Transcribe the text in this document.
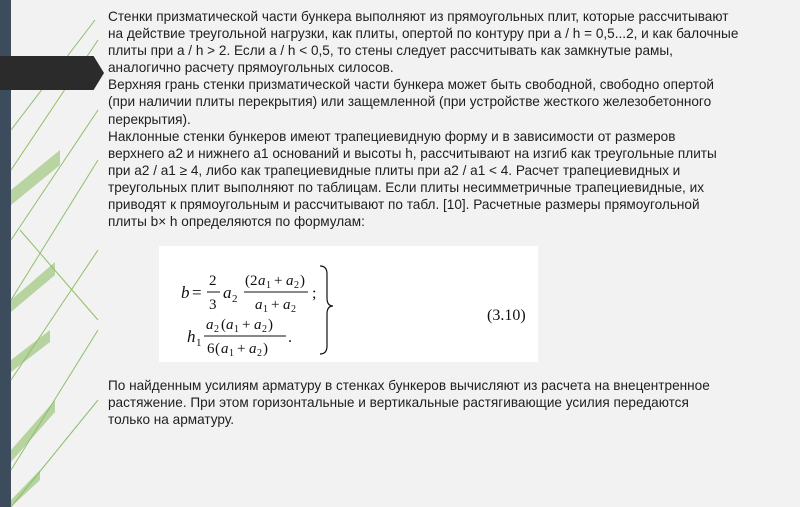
Стенки призматической части бункера выполняют из прямоугольных плит, которые рассчитывают

на действие треугольной нагрузки, как плиты, опертой по контуру при a / h = 0,5...2, и как балочные

плиты при a / h > 2. Если a / h < 0,5, то стены следует рассчитывать как замкнутые рамы,

аналогично расчету прямоугольных силосов.

Верхняя грань стенки призматической части бункера может быть свободной, свободно опертой

(при наличии плиты перекрытия) или защемленной (при устройстве жесткого железобетонного

перекрытия).

Наклонные стенки бункеров имеют трапециевидную форму и в зависимости от размеров

верхнего a2 и нижнего a1 оснований и высоты h, рассчитывают на изгиб как треугольные плиты

при a2 / a1 ≥ 4, либо как трапециевидные плиты при a2 / a1 < 4. Расчет трапециевидных и

треугольных плит выполняют по таблицам. Если плиты несимметричные трапециевидные, их

приводят к прямоугольным и рассчитывают по табл. [10]. Расчетные размеры прямоугольной

плиты b× h определяются по формулам:

b =
2
3
a 2
( 2 a 1 + a 2 )
a 1 + a 2
;
h 1
a 2 ( a 1 + a 2 )
6 ( a 1 + a 2 )
.
(3.10)

По найденным усилиям арматуру в стенках бункеров вычисляют из расчета на внецентренное

растяжение. При этом горизонтальные и вертикальные растягивающие усилия передаются

только на арматуру.
